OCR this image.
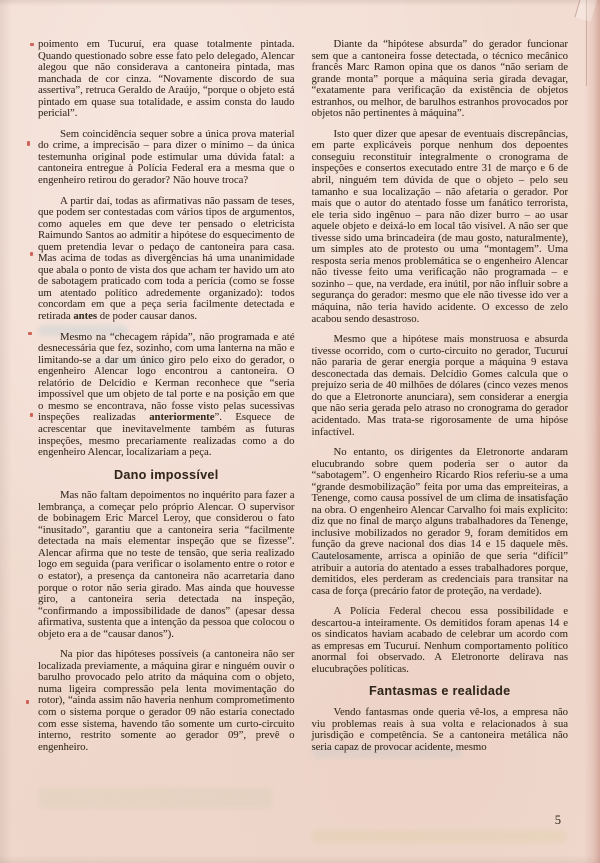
poimento em Tucuruí, era quase totalmente pintada. Quando questionado sobre esse fato pelo delegado, Alencar alegou que não considerava a cantoneira pintada, mas manchada de cor cinza. “Novamente discordo de sua assertiva”, retruca Geraldo de Araújo, “porque o objeto está pintado em quase sua totalidade, e assim consta do laudo pericial”.

Sem coincidência sequer sobre a única prova material do crime, a imprecisão – para dizer o mínimo – da única testemunha original pode estimular uma dúvida fatal: a cantoneira entregue à Polícia Federal era a mesma que o engenheiro retirou do gerador? Não houve troca?

A partir daí, todas as afirmativas não passam de teses, que podem ser contestadas com vários tipos de argumentos, como aqueles em que deve ter pensado o eletricista Raimundo Santos ao admitir a hipótese do esquecimento de quem pretendia levar o pedaço de cantoneira para casa. Mas acima de todas as divergências há uma unanimidade que abala o ponto de vista dos que acham ter havido um ato de sabotagem praticado com toda a perícia (como se fosse um atentado político adredemente organizado): todos concordam em que a peça seria facilmente detectada e retirada antes de poder causar danos.

Mesmo na “checagem rápida”, não programada e até desnecessária que fez, sozinho, com uma lanterna na mão e limitando-se a dar um único giro pelo eixo do gerador, o engenheiro Alencar logo encontrou a cantoneira. O relatório de Delcídio e Kerman reconhece que “seria impossível que um objeto de tal porte e na posição em que o mesmo se encontrava, não fosse visto pelas sucessivas inspeções realizadas anteriormente”. Esquece de acrescentar que inevitavelmente também as futuras inspeções, mesmo precariamente realizadas como a do engenheiro Alencar, localizariam a peça.

Dano impossível

Mas não faltam depoimentos no inquérito para fazer a lembrança, a começar pelo próprio Alencar. O supervisor de bobinagem Eric Marcel Leroy, que considerou o fato “inusitado”, garantiu que a cantoneira seria “facilmente detectada na mais elementar inspeção que se fizesse”. Alencar afirma que no teste de tensão, que seria realizado logo em seguida (para verificar o isolamento entre o rotor e o estator), a presença da cantoneira não acarretaria dano porque o rotor não seria girado. Mas ainda que houvesse giro, a cantoneira seria detectada na inspeção, “confirmando a impossibilidade de danos” (apesar dessa afirmativa, sustenta que a intenção da pessoa que colocou o objeto era a de “causar danos”).

Na pior das hipóteses possíveis (a cantoneira não ser localizada previamente, a máquina girar e ninguém ouvir o barulho provocado pelo atrito da máquina com o objeto, numa ligeira compressão pela lenta movimentação do rotor), “ainda assim não haveria nenhum comprometimento com o sistema porque o gerador 09 não estaria conectado com esse sistema, havendo tão somente um curto-circuito interno, restrito somente ao gerador 09”, prevê o engenheiro.

Diante da “hipótese absurda” do gerador funcionar sem que a cantoneira fosse detectada, o técnico mecânico francês Marc Ramon opina que os danos “não seriam de grande monta” porque a máquina seria girada devagar, “exatamente para verificação da existência de objetos estranhos, ou melhor, de barulhos estranhos provocados por objetos não pertinentes à máquina”.

Isto quer dizer que apesar de eventuais discrepâncias, em parte explicáveis porque nenhum dos depoentes conseguiu reconstituir integralmente o cronograma de inspeções e consertos executado entre 31 de março e 6 de abril, ninguém tem dúvida de que o objeto – pelo seu tamanho e sua localização – não afetaria o gerador. Por mais que o autor do atentado fosse um fanático terrorista, ele teria sido ingênuo – para não dizer burro – ao usar aquele objeto e deixá-lo em local tão visível. A não ser que tivesse sido uma brincadeira (de mau gosto, naturalmente), um simples ato de protesto ou uma “montagem”. Uma resposta seria menos problemática se o engenheiro Alencar não tivesse feito uma verificação não programada – e sozinho – que, na verdade, era inútil, por não influir sobre a segurança do gerador: mesmo que ele não tivesse ido ver a máquina, não teria havido acidente. O excesso de zelo acabou sendo desastroso.

Mesmo que a hipótese mais monstruosa e absurda tivesse ocorrido, com o curto-circuito no gerador, Tucuruí não pararia de gerar energia porque a máquina 9 estava desconectada das demais. Delcídio Gomes calcula que o prejuízo seria de 40 milhões de dólares (cinco vezes menos do que a Eletronorte anunciara), sem considerar a energia que não seria gerada pelo atraso no cronograma do gerador acidentado. Mas trata-se rigorosamente de uma hipóse infactível.

No entanto, os dirigentes da Eletronorte andaram elucubrando sobre quem poderia ser o autor da “sabotagem”. O engenheiro Ricardo Rios referiu-se a uma “grande desmobilização” feita por uma das empreiteiras, a Tenenge, como causa possível de um clima de insatisfação na obra. O engenheiro Alencar Carvalho foi mais explícito: diz que no final de março alguns trabalhadores da Tenenge, inclusive mobilizados no gerador 9, foram demitidos em função da greve nacional dos dias 14 e 15 daquele mês. Cautelosamente, arrisca a opinião de que seria “difícil” atribuir a autoria do atentado a esses trabalhadores porque, demitidos, eles perderam as credenciais para transitar na casa de força (precário fator de proteção, na verdade).

A Polícia Federal checou essa possibilidade e descartou-a inteiramente. Os demitidos foram apenas 14 e os sindicatos haviam acabado de celebrar um acordo com as empresas em Tucuruí. Nenhum comportamento político anormal foi observado. A Eletronorte delirava nas elucubrações políticas.

Fantasmas e realidade

Vendo fantasmas onde queria vê-los, a empresa não viu problemas reais à sua volta e relacionados à sua jurisdição e competência. Se a cantoneira metálica não seria capaz de provocar acidente, mesmo

5
